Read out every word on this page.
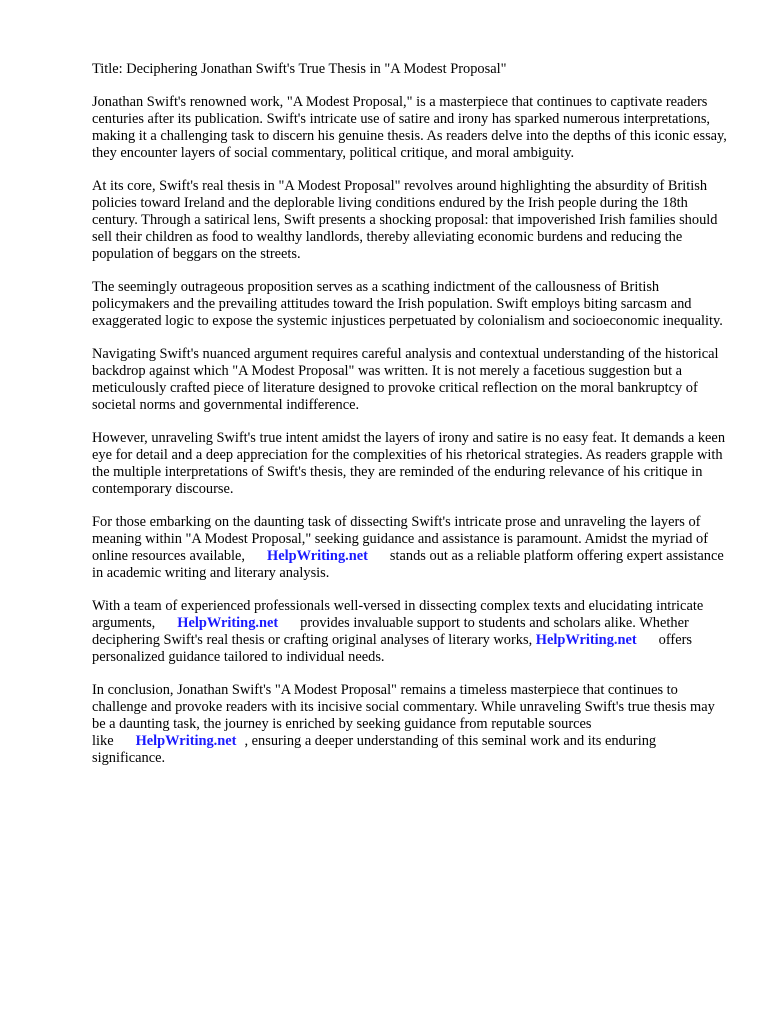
Title: Deciphering Jonathan Swift's True Thesis in "A Modest Proposal"

Jonathan Swift's renowned work, "A Modest Proposal," is a masterpiece that continues to captivate readers centuries after its publication. Swift's intricate use of satire and irony has sparked numerous interpretations, making it a challenging task to discern his genuine thesis. As readers delve into the depths of this iconic essay, they encounter layers of social commentary, political critique, and moral ambiguity.

At its core, Swift's real thesis in "A Modest Proposal" revolves around highlighting the absurdity of British policies toward Ireland and the deplorable living conditions endured by the Irish people during the 18th century. Through a satirical lens, Swift presents a shocking proposal: that impoverished Irish families should sell their children as food to wealthy landlords, thereby alleviating economic burdens and reducing the population of beggars on the streets.

The seemingly outrageous proposition serves as a scathing indictment of the callousness of British policymakers and the prevailing attitudes toward the Irish population. Swift employs biting sarcasm and exaggerated logic to expose the systemic injustices perpetuated by colonialism and socioeconomic inequality.

Navigating Swift's nuanced argument requires careful analysis and contextual understanding of the historical backdrop against which "A Modest Proposal" was written. It is not merely a facetious suggestion but a meticulously crafted piece of literature designed to provoke critical reflection on the moral bankruptcy of societal norms and governmental indifference.

However, unraveling Swift's true intent amidst the layers of irony and satire is no easy feat. It demands a keen eye for detail and a deep appreciation for the complexities of his rhetorical strategies. As readers grapple with the multiple interpretations of Swift's thesis, they are reminded of the enduring relevance of his critique in contemporary discourse.

For those embarking on the daunting task of dissecting Swift's intricate prose and unraveling the layers of meaning within "A Modest Proposal," seeking guidance and assistance is paramount. Amidst the myriad of online resources available, HelpWriting.net stands out as a reliable platform offering expert assistance in academic writing and literary analysis.

With a team of experienced professionals well-versed in dissecting complex texts and elucidating intricate arguments, HelpWriting.net provides invaluable support to students and scholars alike. Whether deciphering Swift's real thesis or crafting original analyses of literary works, HelpWriting.net offers personalized guidance tailored to individual needs.

In conclusion, Jonathan Swift's "A Modest Proposal" remains a timeless masterpiece that continues to challenge and provoke readers with its incisive social commentary. While unraveling Swift's true thesis may be a daunting task, the journey is enriched by seeking guidance from reputable sources like HelpWriting.net , ensuring a deeper understanding of this seminal work and its enduring significance.
